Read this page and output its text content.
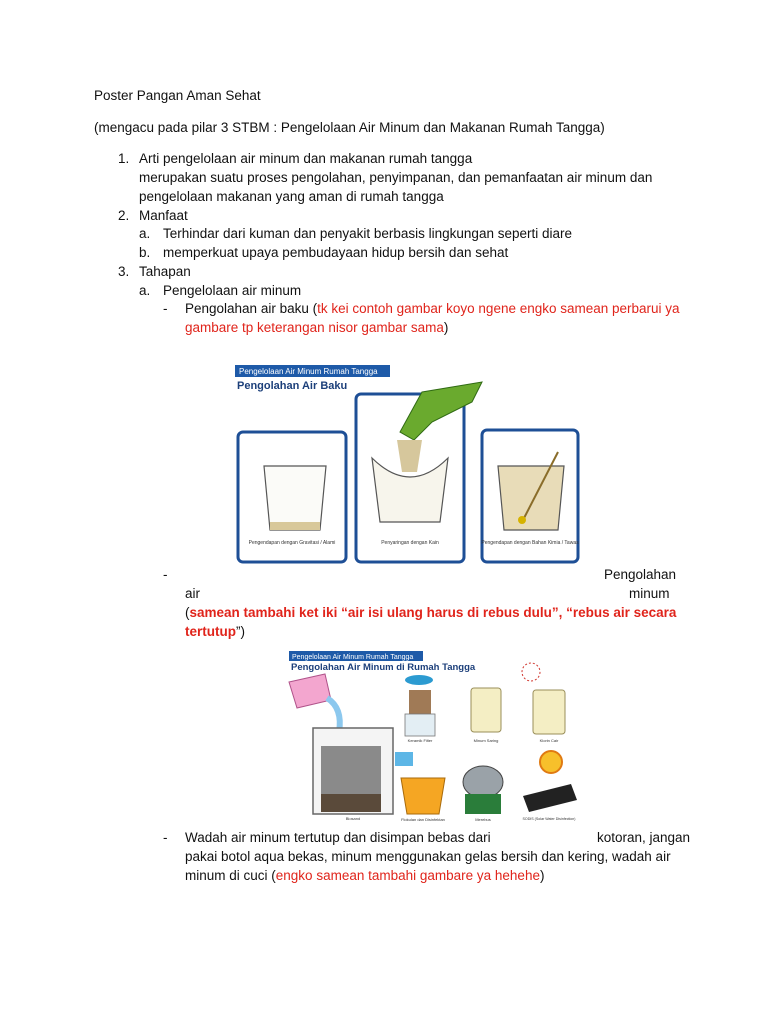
Poster Pangan Aman Sehat
(mengacu pada pilar 3 STBM : Pengelolaan Air Minum dan Makanan Rumah Tangga)
1. Arti pengelolaan air minum dan makanan rumah tangga
merupakan suatu proses pengolahan, penyimpanan, dan pemanfaatan air minum dan
pengelolaan makanan yang aman di rumah tangga
2. Manfaat
a. Terhindar dari kuman dan penyakit berbasis lingkungan seperti diare
b. memperkuat upaya pembudayaan hidup bersih dan sehat
3. Tahapan
a. Pengelolaan air minum
- Pengolahan air baku (tk kei contoh gambar koyo ngene engko samean perbarui ya
gambare tp keterangan nisor gambar sama)
Pengelolaan Air Minum Rumah Tangga
Pengolahan Air Baku
Pengendapan dengan Gravitasi / Alami	Penyaringan dengan Kain	Pengendapan dengan Bahan Kimia / Tawas
-	Pengolahan
air	minum
(samean tambahi ket iki “air isi ulang harus di rebus dulu”, “rebus air secara
tertutup”)
Pengelolaan Air Minum Rumah Tangga
Pengolahan Air Minum di Rumah Tangga
Biosand
Keramik Filter	Minum Saring	Klorin Cair
Flokulan dan Disinfektan	Merebus	SODIS (Solar Water Disinfection)
- Wadah air minum tertutup dan disimpan bebas dari	kotoran, jangan
pakai botol aqua bekas, minum menggunakan gelas bersih dan kering, wadah air
minum di cuci (engko samean tambahi gambare ya hehehe)
